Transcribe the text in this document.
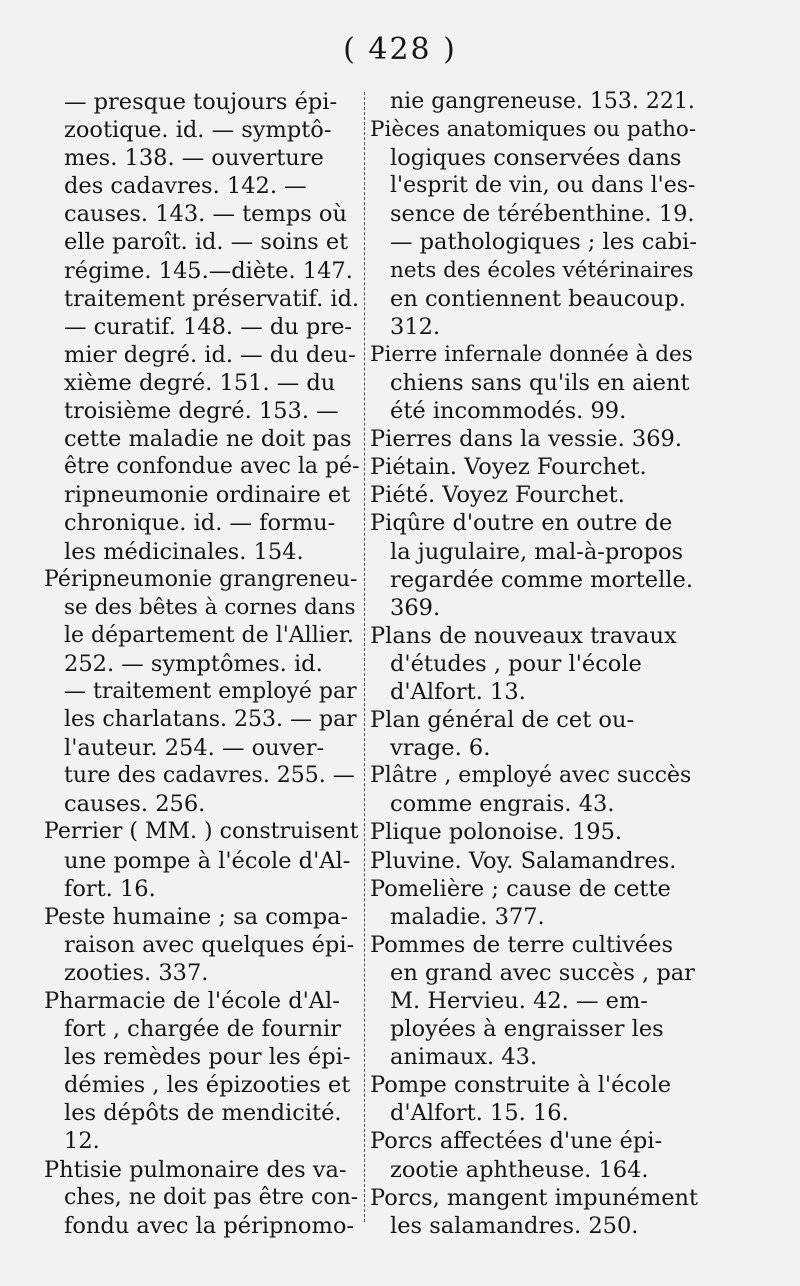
( 428 )
— presque toujours épi-
zootique. id. — symptô-
mes. 138. — ouverture
des cadavres. 142. —
causes. 143. — temps où
elle paroît. id. — soins et
régime. 145.—diète. 147.
traitement préservatif. id.
— curatif. 148. — du pre-
mier degré. id. — du deu-
xième degré. 151. — du
troisième degré. 153. —
cette maladie ne doit pas
être confondue avec la pé-
ripneumonie ordinaire et
chronique. id. — formu-
les médicinales. 154.
Péripneumonie grangreneu-
se des bêtes à cornes dans
le département de l'Allier.
252. — symptômes. id.
— traitement employé par
les charlatans. 253. — par
l'auteur. 254. — ouver-
ture des cadavres. 255. —
causes. 256.
Perrier ( MM. ) construisent
une pompe à l'école d'Al-
fort. 16.
Peste humaine ; sa compa-
raison avec quelques épi-
zooties. 337.
Pharmacie de l'école d'Al-
fort , chargée de fournir
les remèdes pour les épi-
démies , les épizooties et
les dépôts de mendicité.
12.
Phtisie pulmonaire des va-
ches, ne doit pas être con-
fondu avec la péripnomo-
nie gangreneuse. 153. 221.
Pièces anatomiques ou patho-
logiques conservées dans
l'esprit de vin, ou dans l'es-
sence de térébenthine. 19.
— pathologiques ; les cabi-
nets des écoles vétérinaires
en contiennent beaucoup.
312.
Pierre infernale donnée à des
chiens sans qu'ils en aient
été incommodés. 99.
Pierres dans la vessie. 369.
Piétain. Voyez Fourchet.
Piété. Voyez Fourchet.
Piqûre d'outre en outre de
la jugulaire, mal-à-propos
regardée comme mortelle.
369.
Plans de nouveaux travaux
d'études , pour l'école
d'Alfort. 13.
Plan général de cet ou-
vrage. 6.
Plâtre , employé avec succès
comme engrais. 43.
Plique polonoise. 195.
Pluvine. Voy. Salamandres.
Pomelière ; cause de cette
maladie. 377.
Pommes de terre cultivées
en grand avec succès , par
M. Hervieu. 42. — em-
ployées à engraisser les
animaux. 43.
Pompe construite à l'école
d'Alfort. 15. 16.
Porcs affectées d'une épi-
zootie aphtheuse. 164.
Porcs, mangent impunément
les salamandres. 250.
